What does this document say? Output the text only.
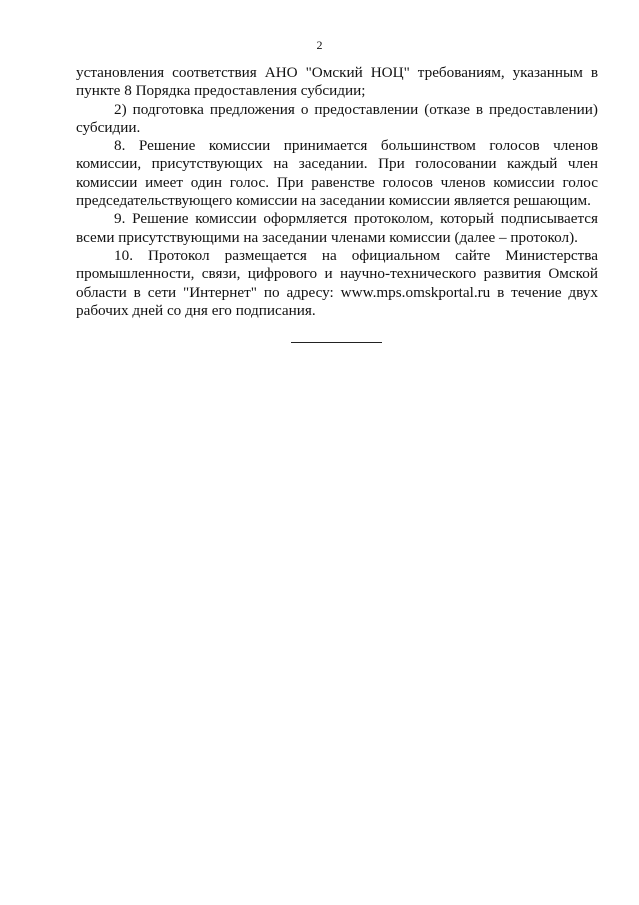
2

установления соответствия АНО "Омский НОЦ" требованиям, указанным в пункте 8 Порядка предоставления субсидии;

2) подготовка предложения о предоставлении (отказе в предоставлении) субсидии.

8. Решение комиссии принимается большинством голосов членов комиссии, присутствующих на заседании. При голосовании каждый член комиссии имеет один голос. При равенстве голосов членов комиссии голос председательствующего комиссии на заседании комиссии является решающим.

9. Решение комиссии оформляется протоколом, который подписывается всеми присутствующими на заседании членами комиссии (далее – протокол).

10. Протокол размещается на официальном сайте Министерства промышленности, связи, цифрового и научно-технического развития Омской области в сети "Интернет" по адресу: www.mps.omskportal.ru в течение двух рабочих дней со дня его подписания.
